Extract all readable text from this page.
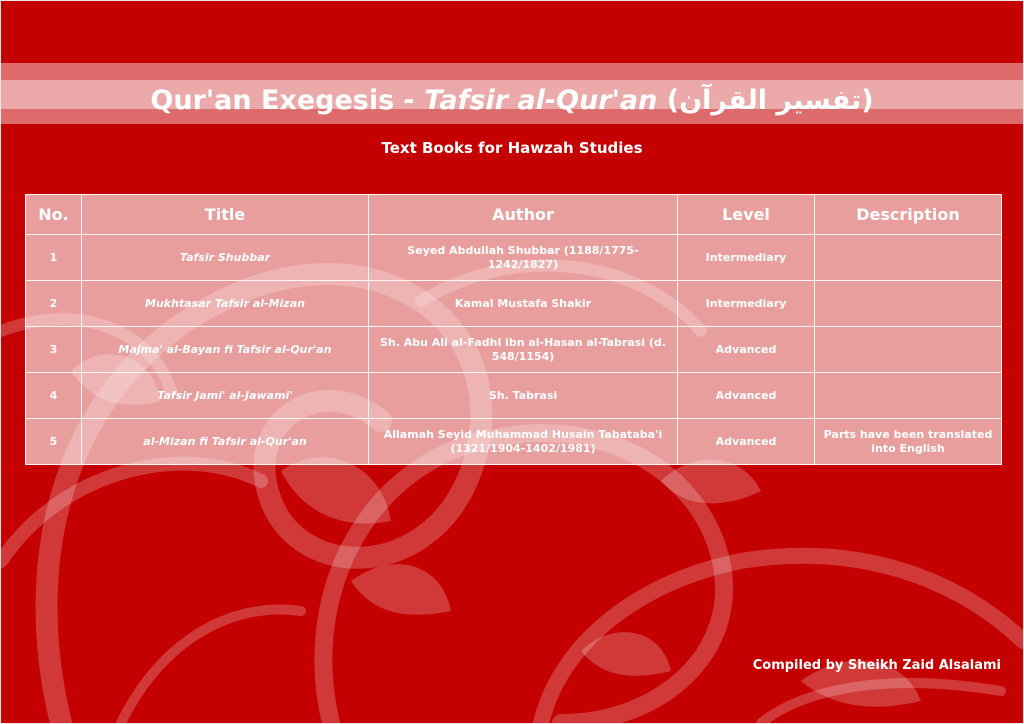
Qur'an Exegesis - Tafsir al-Qur'an (تفسير القرآن)
Text Books for Hawzah Studies
No.	Title	Author	Level	Description
1	Tafsir Shubbar	Seyed Abdullah Shubbar (1188/1775-1242/1827)	Intermediary	
2	Mukhtasar Tafsir al-Mizan	Kamal Mustafa Shakir	Intermediary	
3	Majma' al-Bayan fi Tafsir al-Qur'an	Sh. Abu Ali al-Fadhl ibn al-Hasan al-Tabrasi (d. 548/1154)	Advanced	
4	Tafsir Jami' al-Jawami'	Sh. Tabrasi	Advanced	
5	al-Mizan fi Tafsir al-Qur'an	Allamah Seyid Muhammad Husain Tabataba'i (1321/1904-1402/1981)	Advanced	Parts have been translated into English
Compiled by Sheikh Zaid Alsalami
